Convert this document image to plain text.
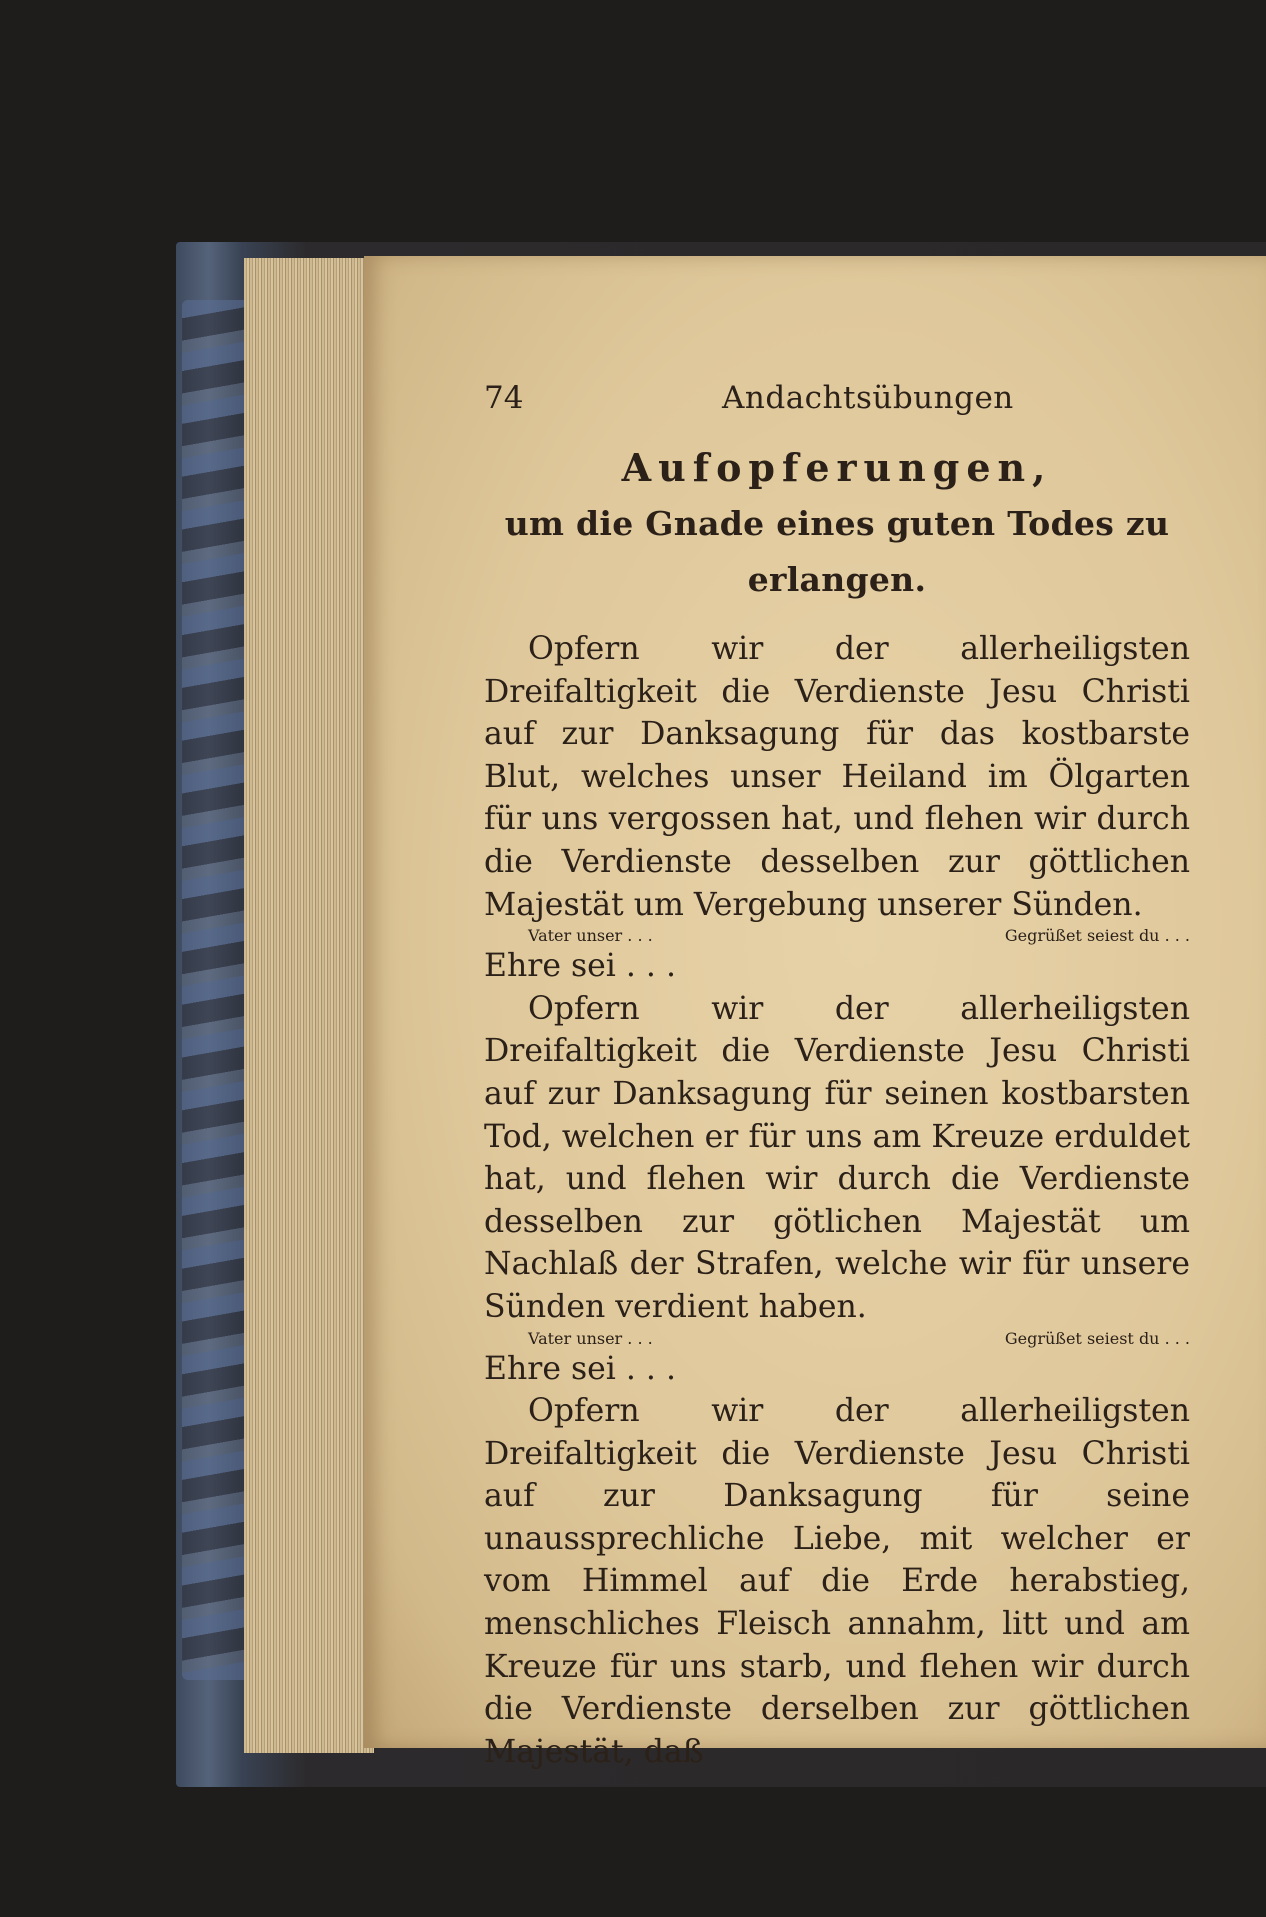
74	Andachtsübungen
Aufopferungen,
um die Gnade eines guten Todes zu erlangen.

Opfern wir der allerheiligsten Dreifaltigkeit die Verdienste Jesu Christi auf zur Danksagung für das kostbarste Blut, welches unser Heiland im Ölgarten für uns vergossen hat, und flehen wir durch die Verdienste desselben zur göttlichen Majestät um Vergebung unserer Sünden.

Vater unser . . .	Gegrüßet seiest du . . .

Ehre sei . . .

Opfern wir der allerheiligsten Dreifaltigkeit die Verdienste Jesu Christi auf zur Danksagung für seinen kostbarsten Tod, welchen er für uns am Kreuze erduldet hat, und flehen wir durch die Verdienste desselben zur götlichen Majestät um Nachlaß der Strafen, welche wir für unsere Sünden verdient haben.

Vater unser . . .	Gegrüßet seiest du . . .

Ehre sei . . .

Opfern wir der allerheiligsten Dreifaltigkeit die Verdienste Jesu Christi auf zur Danksagung für seine unaussprechliche Liebe, mit welcher er vom Himmel auf die Erde herabstieg, menschliches Fleisch annahm, litt und am Kreuze für uns starb, und flehen wir durch die Verdienste derselben zur göttlichen Majestät, daß
